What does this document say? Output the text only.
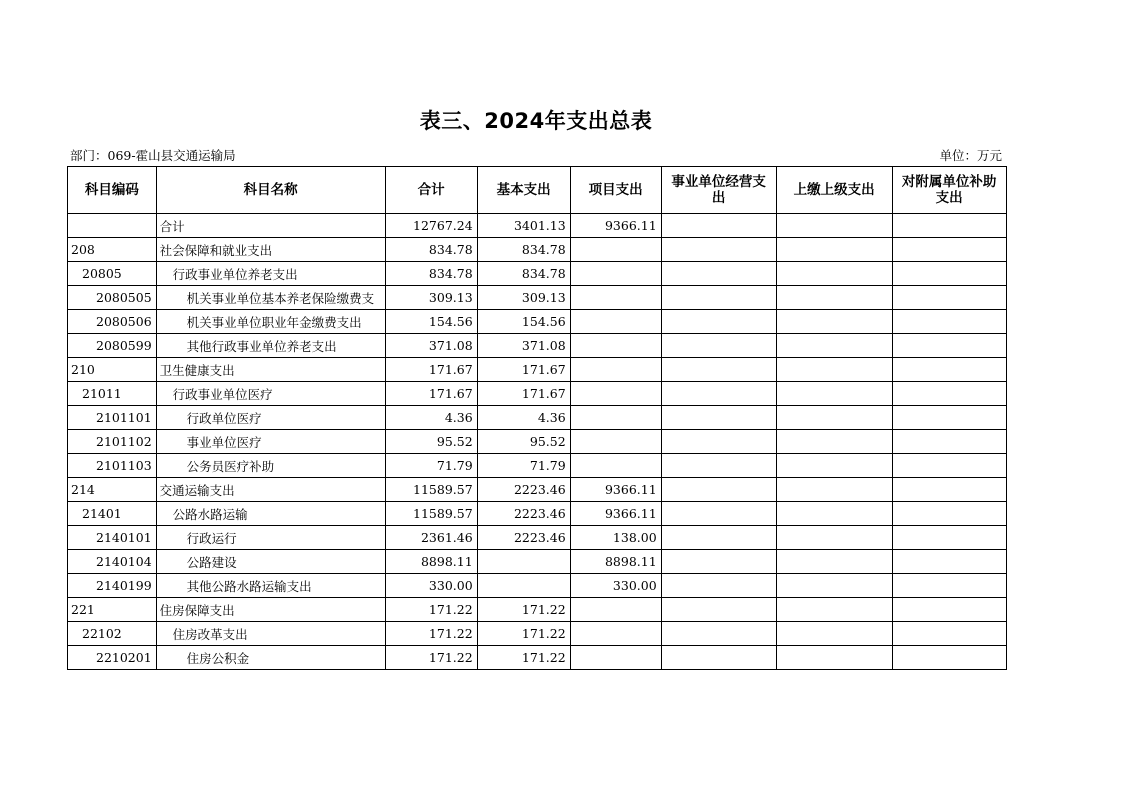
表三、2024年支出总表
部门：069-霍山县交通运输局	单位：万元
科目编码	科目名称	合计	基本支出	项目支出	事业单位经营支出	上缴上级支出	对附属单位补助支出
	合计	12767.24	3401.13	9366.11			
208	社会保障和就业支出	834.78	834.78				
20805	行政事业单位养老支出	834.78	834.78				
2080505	机关事业单位基本养老保险缴费支	309.13	309.13				
2080506	机关事业单位职业年金缴费支出	154.56	154.56				
2080599	其他行政事业单位养老支出	371.08	371.08				
210	卫生健康支出	171.67	171.67				
21011	行政事业单位医疗	171.67	171.67				
2101101	行政单位医疗	4.36	4.36				
2101102	事业单位医疗	95.52	95.52				
2101103	公务员医疗补助	71.79	71.79				
214	交通运输支出	11589.57	2223.46	9366.11			
21401	公路水路运输	11589.57	2223.46	9366.11			
2140101	行政运行	2361.46	2223.46	138.00			
2140104	公路建设	8898.11		8898.11			
2140199	其他公路水路运输支出	330.00		330.00			
221	住房保障支出	171.22	171.22				
22102	住房改革支出	171.22	171.22				
2210201	住房公积金	171.22	171.22				
